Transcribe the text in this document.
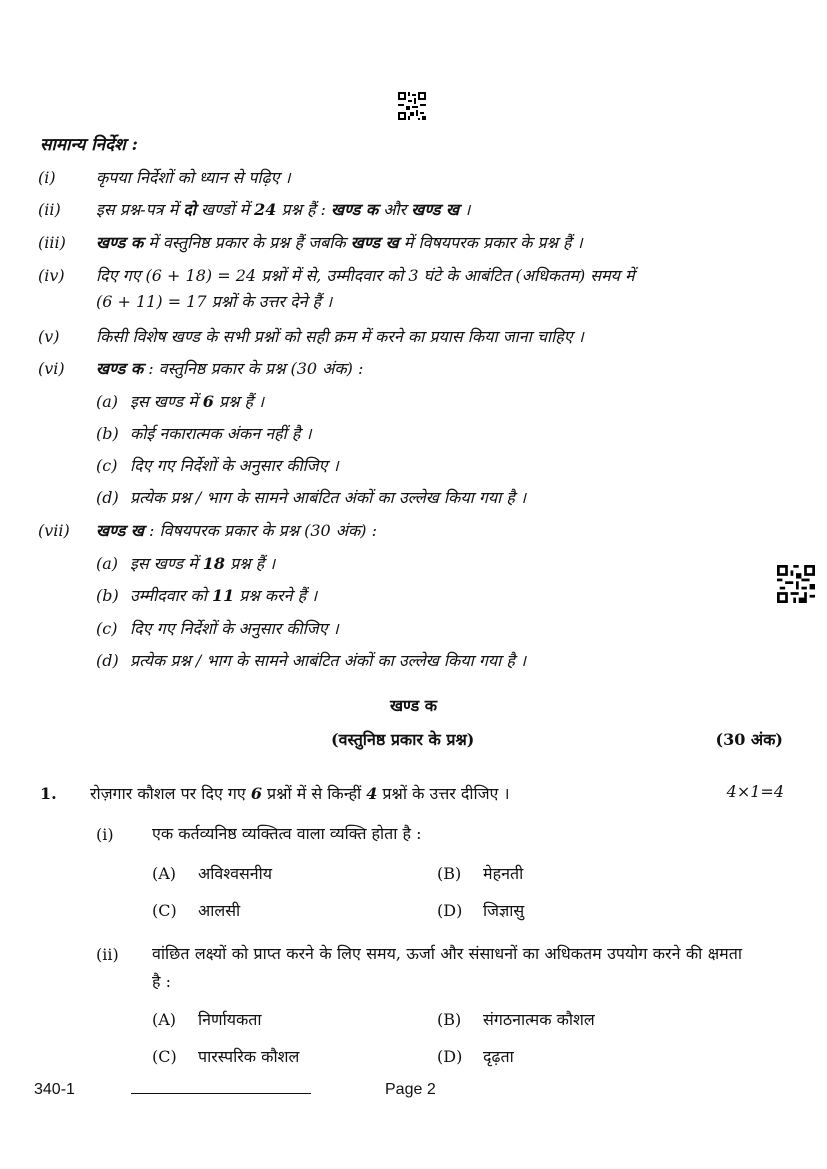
सामान्य निर्देश :
(i)	कृपया निर्देशों को ध्यान से पढ़िए ।
(ii) इस प्रश्न-पत्र में दो खण्डों में 24 प्रश्न हैं : खण्ड क और खण्ड ख ।
(iii) खण्ड क में वस्तुनिष्ठ प्रकार के प्रश्न हैं जबकि खण्ड ख में विषयपरक प्रकार के प्रश्न हैं ।
(iv) दिए गए (6 + 18) = 24 प्रश्नों में से, उम्मीदवार को 3 घंटे के आबंटित (अधिकतम) समय में
(6 + 11) = 17 प्रश्नों के उत्तर देने हैं ।
(v) किसी विशेष खण्ड के सभी प्रश्नों को सही क्रम में करने का प्रयास किया जाना चाहिए ।
(vi) खण्ड क : वस्तुनिष्ठ प्रकार के प्रश्न (30 अंक) :
(a) इस खण्ड में 6 प्रश्न हैं ।
(b) कोई नकारात्मक अंकन नहीं है ।
(c) दिए गए निर्देशों के अनुसार कीजिए ।
(d) प्रत्येक प्रश्न / भाग के सामने आबंटित अंकों का उल्लेख किया गया है ।
(vii) खण्ड ख : विषयपरक प्रकार के प्रश्न (30 अंक) :
(a) इस खण्ड में 18 प्रश्न हैं ।
(b) उम्मीदवार को 11 प्रश्न करने हैं ।
(c) दिए गए निर्देशों के अनुसार कीजिए ।
(d) प्रत्येक प्रश्न / भाग के सामने आबंटित अंकों का उल्लेख किया गया है ।
खण्ड क
(वस्तुनिष्ठ प्रकार के प्रश्न)	(30 अंक)
1. रोज़गार कौशल पर दिए गए 6 प्रश्नों में से किन्हीं 4 प्रश्नों के उत्तर दीजिए ।	4×1=4
(i) एक कर्तव्यनिष्ठ व्यक्तित्व वाला व्यक्ति होता है :
(A) अविश्वसनीय	(B) मेहनती
(C) आलसी	(D) जिज्ञासु
(ii) वांछित लक्ष्यों को प्राप्त करने के लिए समय, ऊर्जा और संसाधनों का अधिकतम उपयोग करने की क्षमता है :
(A) निर्णायकता	(B) संगठनात्मक कौशल
(C) पारस्परिक कौशल	(D) दृढ़ता
340-1	Page 2
